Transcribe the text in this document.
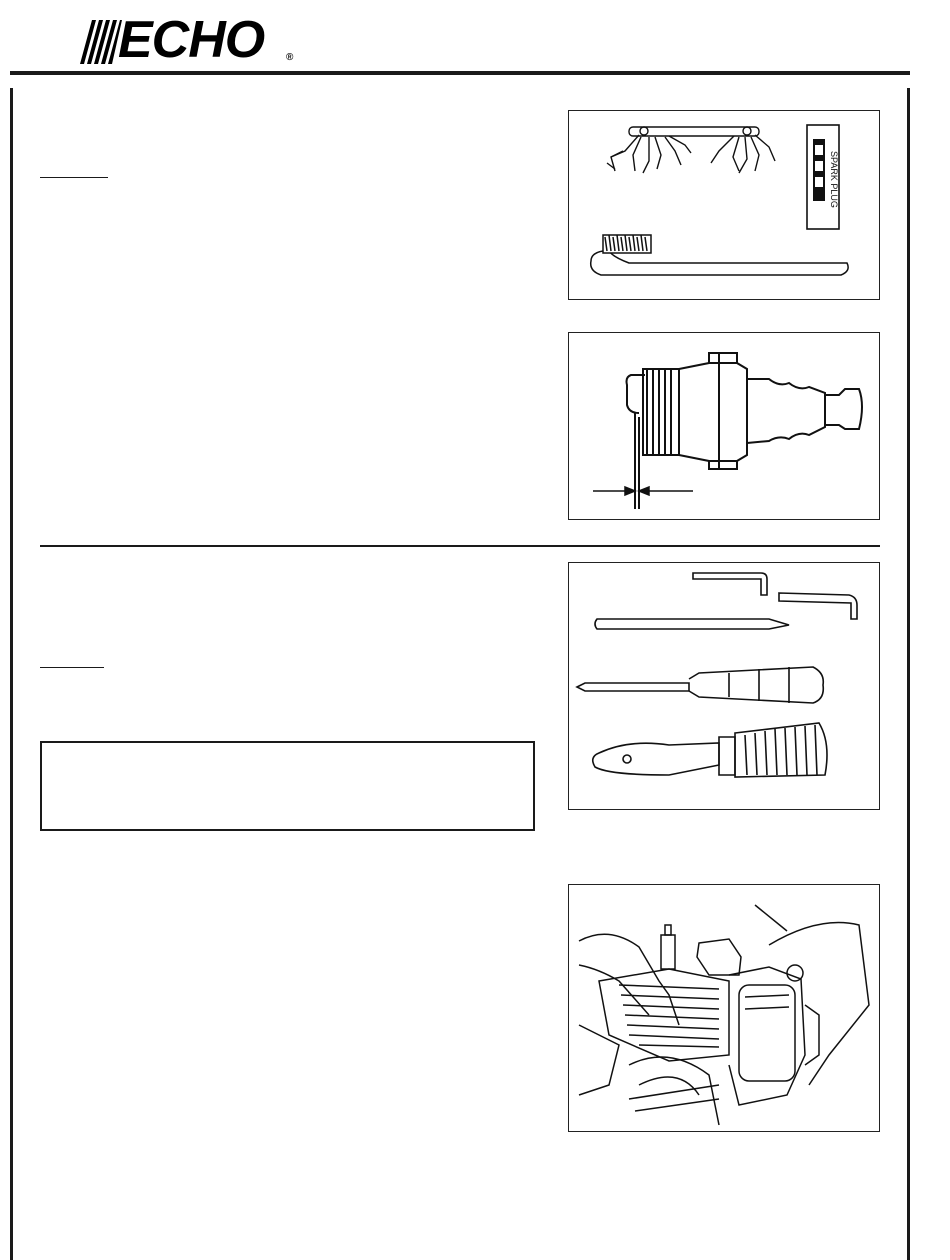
ECHO ®
SPARK PLUG
